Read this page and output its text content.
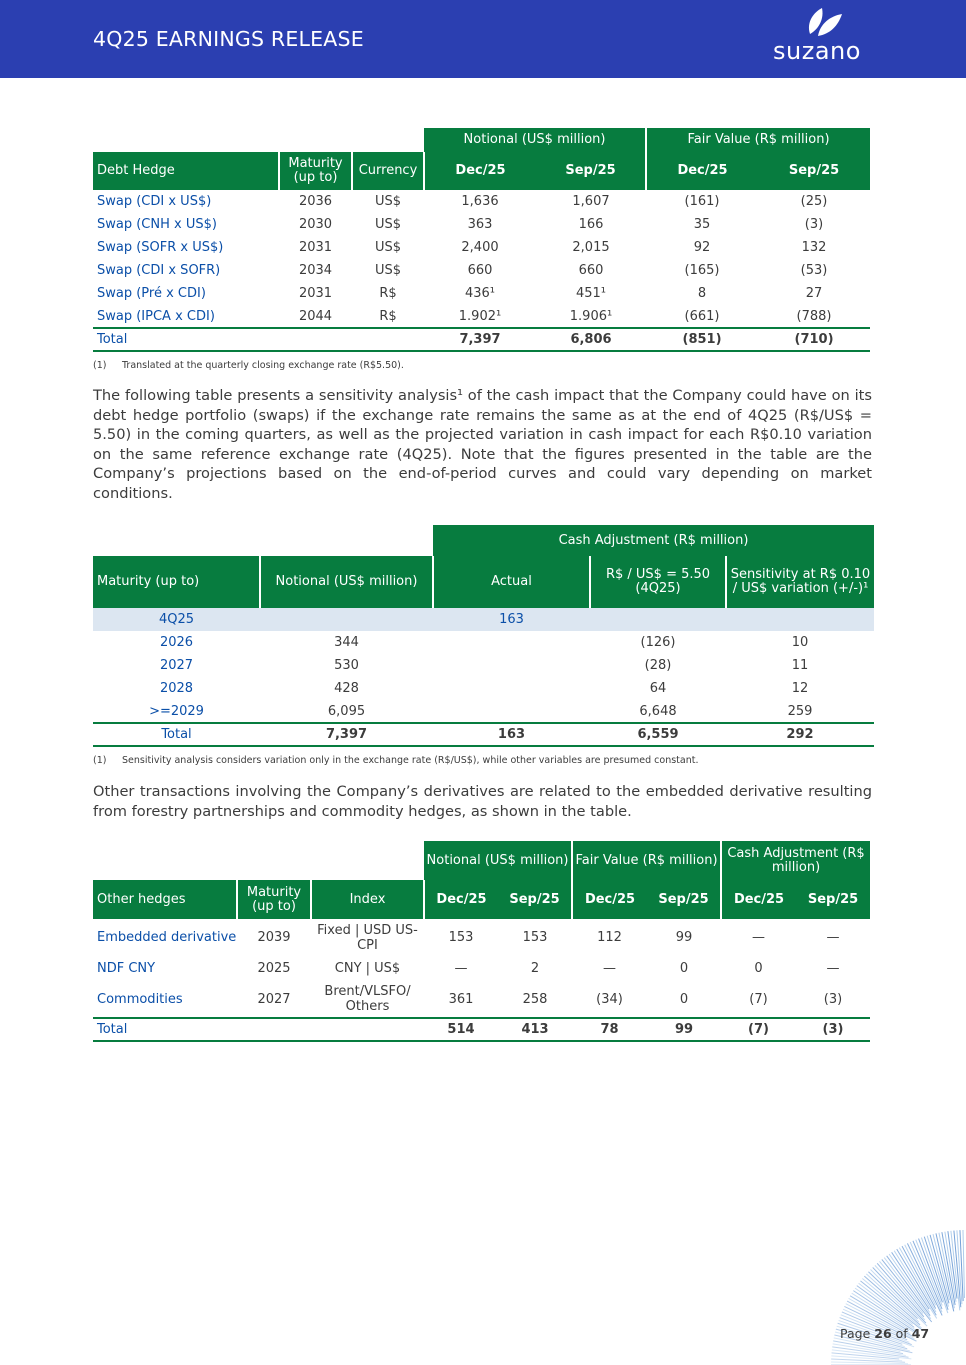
4Q25 EARNINGS RELEASE	suzano
			Notional (US$ million)		Fair Value (R$ million)	
Debt Hedge	Maturity (up to)	Currency	Dec/25	Sep/25	Dec/25	Sep/25
Swap (CDI x US$)	2036	US$	1,636	1,607	(161)	(25)
Swap (CNH x US$)	2030	US$	363	166	35	(3)
Swap (SOFR x US$)	2031	US$	2,400	2,015	92	132
Swap (CDI x SOFR)	2034	US$	660	660	(165)	(53)
Swap (Pré x CDI)	2031	R$	436¹	451¹	8	27
Swap (IPCA x CDI)	2044	R$	1.902¹	1.906¹	(661)	(788)
Total			7,397	6,806	(851)	(710)
(1) Translated at the quarterly closing exchange rate (R$5.50).

The following table presents a sensitivity analysis¹ of the cash impact that the Company could have on its debt hedge portfolio (swaps) if the exchange rate remains the same as at the end of 4Q25 (R$/US$ = 5.50) in the coming quarters, as well as the projected variation in cash impact for each R$0.10 variation on the same reference exchange rate (4Q25). Note that the figures presented in the table are the Company’s projections based on the end-of-period curves and could vary depending on market conditions.

		Cash Adjustment (R$ million)		
Maturity (up to)	Notional (US$ million)	Actual	R$ / US$ = 5.50 (4Q25)	Sensitivity at R$ 0.10 / US$ variation (+/-)¹
4Q25		163		
2026	344		(126)	10
2027	530		(28)	11
2028	428		64	12
>=2029	6,095		6,648	259
Total	7,397	163	6,559	292
(1) Sensitivity analysis considers variation only in the exchange rate (R$/US$), while other variables are presumed constant.

Other transactions involving the Company’s derivatives are related to the embedded derivative resulting from forestry partnerships and commodity hedges, as shown in the table.

			Notional (US$ million)		Fair Value (R$ million)		Cash Adjustment (R$ million)	
Other hedges	Maturity (up to)	Index	Dec/25	Sep/25	Dec/25	Sep/25	Dec/25	Sep/25
Embedded derivative	2039	Fixed | USD US-CPI	153	153	112	99	—	—
NDF CNY	2025	CNY | US$	—	2	—	0	0	—
Commodities	2027	Brent/VLSFO/ Others	361	258	(34)	0	(7)	(3)
Total			514	413	78	99	(7)	(3)
Page 26 of 47
